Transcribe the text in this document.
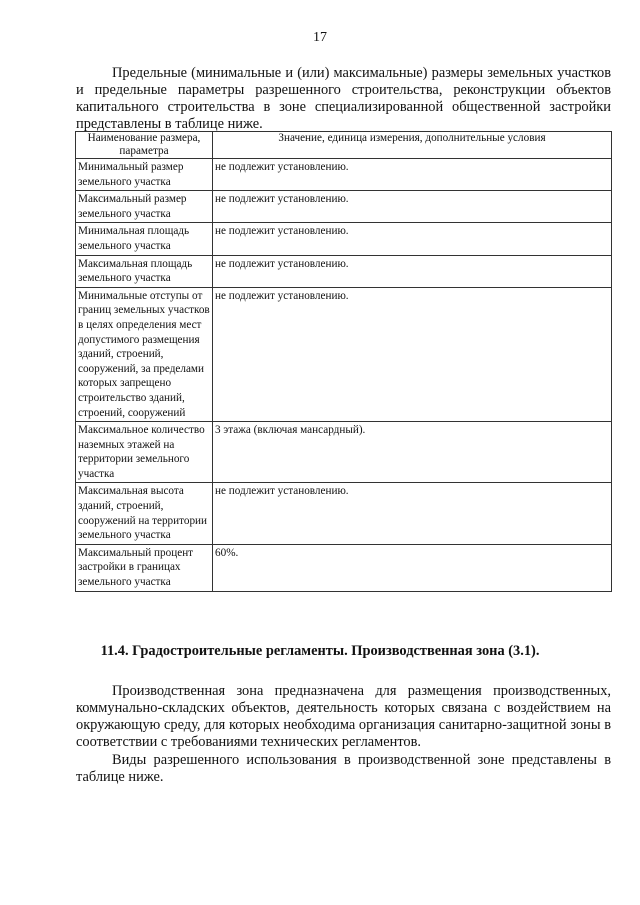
17

Предельные (минимальные и (или) максимальные) размеры земельных участков и предельные параметры разрешенного строительства, реконструкции объектов капитального строительства в зоне специализированной общественной застройки представлены в таблице ниже.

Наименование размера, параметра	Значение, единица измерения, дополнительные условия
Минимальный размер земельного участка	не подлежит установлению.
Максимальный размер земельного участка	не подлежит установлению.
Минимальная площадь земельного участка	не подлежит установлению.
Максимальная площадь земельного участка	не подлежит установлению.
Минимальные отступы от границ земельных участков в целях определения мест допустимого размещения зданий, строений, сооружений, за пределами которых запрещено строительство зданий, строений, сооружений	не подлежит установлению.
Максимальное количество наземных этажей на территории земельного участка	3 этажа (включая мансардный).
Максимальная высота зданий, строений, сооружений на территории земельного участка	не подлежит установлению.
Максимальный процент застройки в границах земельного участка	60%.
11.4. Градостроительные регламенты. Производственная зона (3.1).

Производственная зона предназначена для размещения производственных, коммунально-складских объектов, деятельность которых связана с воздействием на окружающую среду, для которых необходима организация санитарно-защитной зоны в соответствии с требованиями технических регламентов.

Виды разрешенного использования в производственной зоне представлены в таблице ниже.
